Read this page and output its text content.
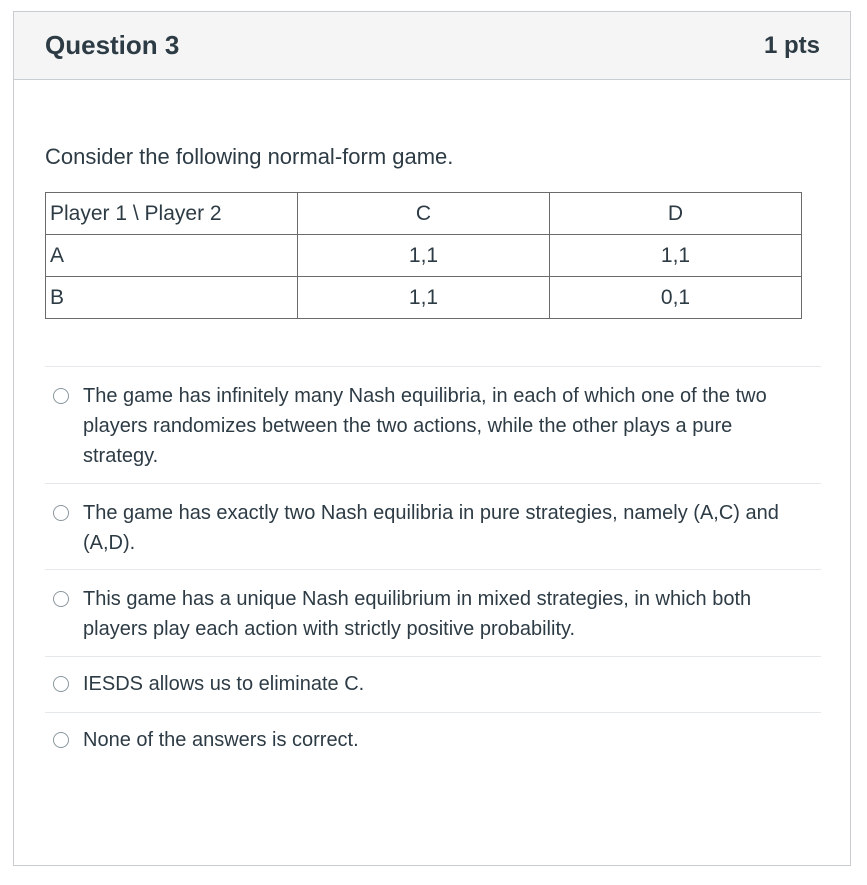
Question 3	1 pts
Consider the following normal-form game.
Player 1 \ Player 2	C	D
A	1,1	1,1
B	1,1	0,1
The game has infinitely many Nash equilibria, in each of which one of the two players randomizes between the two actions, while the other plays a pure strategy.
The game has exactly two Nash equilibria in pure strategies, namely (A,C) and (A,D).
This game has a unique Nash equilibrium in mixed strategies, in which both players play each action with strictly positive probability.
IESDS allows us to eliminate C.
None of the answers is correct.
